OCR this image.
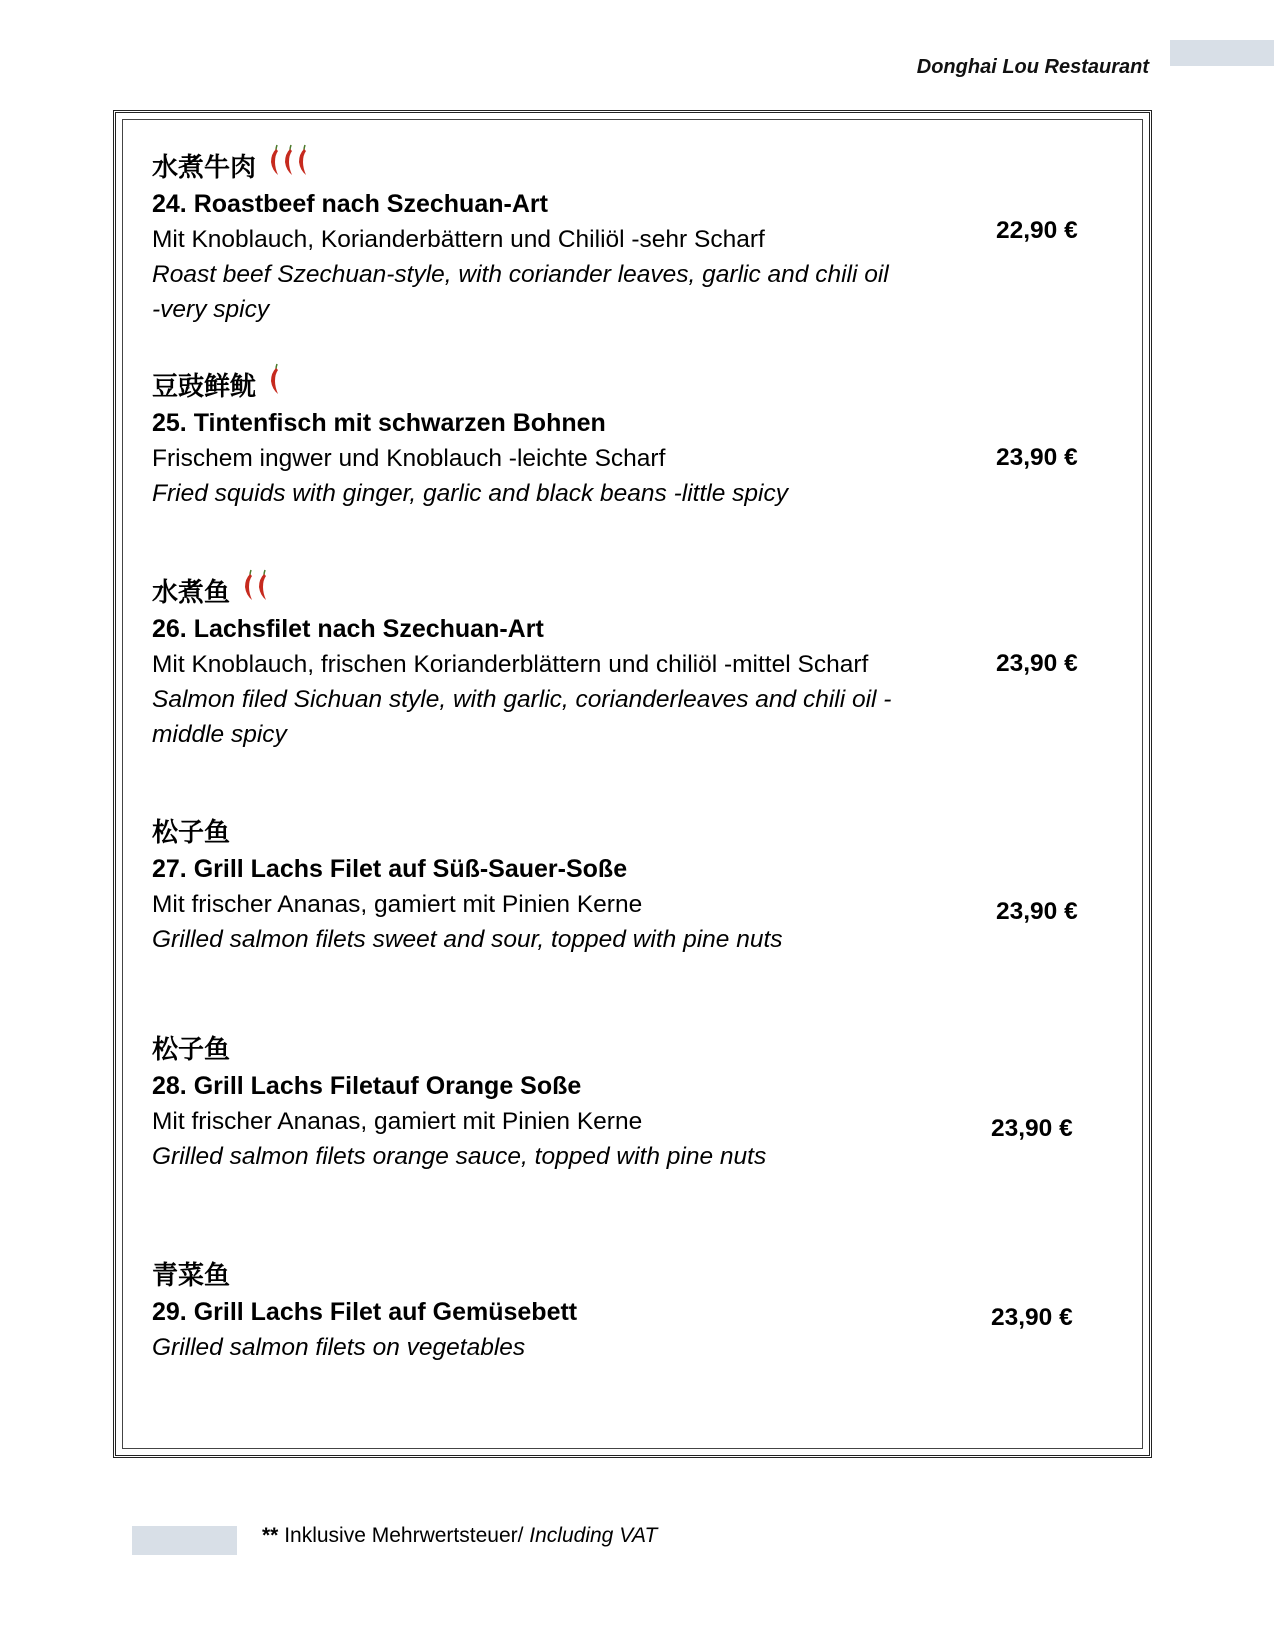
Donghai Lou Restaurant
水煮牛肉
24. Roastbeef nach Szechuan-Art
Mit Knoblauch, Korianderbättern und Chiliöl -sehr Scharf
Roast beef Szechuan-style, with coriander leaves, garlic and chili oil
-very spicy
22,90 €
豆豉鲜鱿
25. Tintenfisch mit schwarzen Bohnen
Frischem ingwer und Knoblauch -leichte Scharf
Fried squids with ginger, garlic and black beans -little spicy
23,90 €
水煮鱼
26. Lachsfilet nach Szechuan-Art
Mit Knoblauch, frischen Korianderblättern und chiliöl -mittel Scharf
Salmon filed Sichuan style, with garlic, corianderleaves and chili oil -
middle spicy
23,90 €
松子鱼
27. Grill Lachs Filet auf Süß-Sauer-Soße
Mit frischer Ananas, gamiert mit Pinien Kerne
Grilled salmon filets sweet and sour, topped with pine nuts
23,90 €
松子鱼
28. Grill Lachs Filetauf Orange Soße
Mit frischer Ananas, gamiert mit Pinien Kerne
Grilled salmon filets orange sauce, topped with pine nuts
23,90 €
青菜鱼
29. Grill Lachs Filet auf Gemüsebett
Grilled salmon filets on vegetables
23,90 €
** Inklusive Mehrwertsteuer/ Including VAT
